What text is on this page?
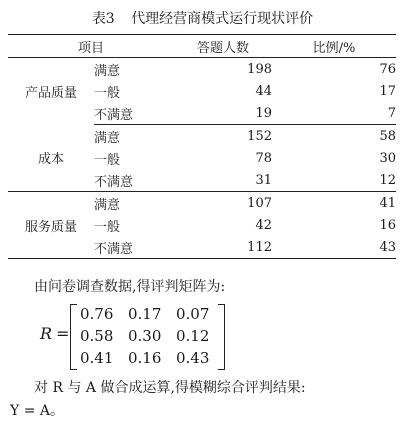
表3 代理经营商模式运行现状评价
项目		答题人数	比例/%
产品质量	满意	198	76
	一般	44	17
	不满意	19	7
成本	满意	152	58
	一般	78	30
	不满意	31	12
服务质量	满意	107	41
	一般	42	16
	不满意	112	43
由问卷调查数据,得评判矩阵为:
R =
0.76 0.17 0.07
0.58 0.30 0.12
0.41 0.16 0.43
对 R 与 A 做合成运算,得模糊综合评判结果:
Y = A。
